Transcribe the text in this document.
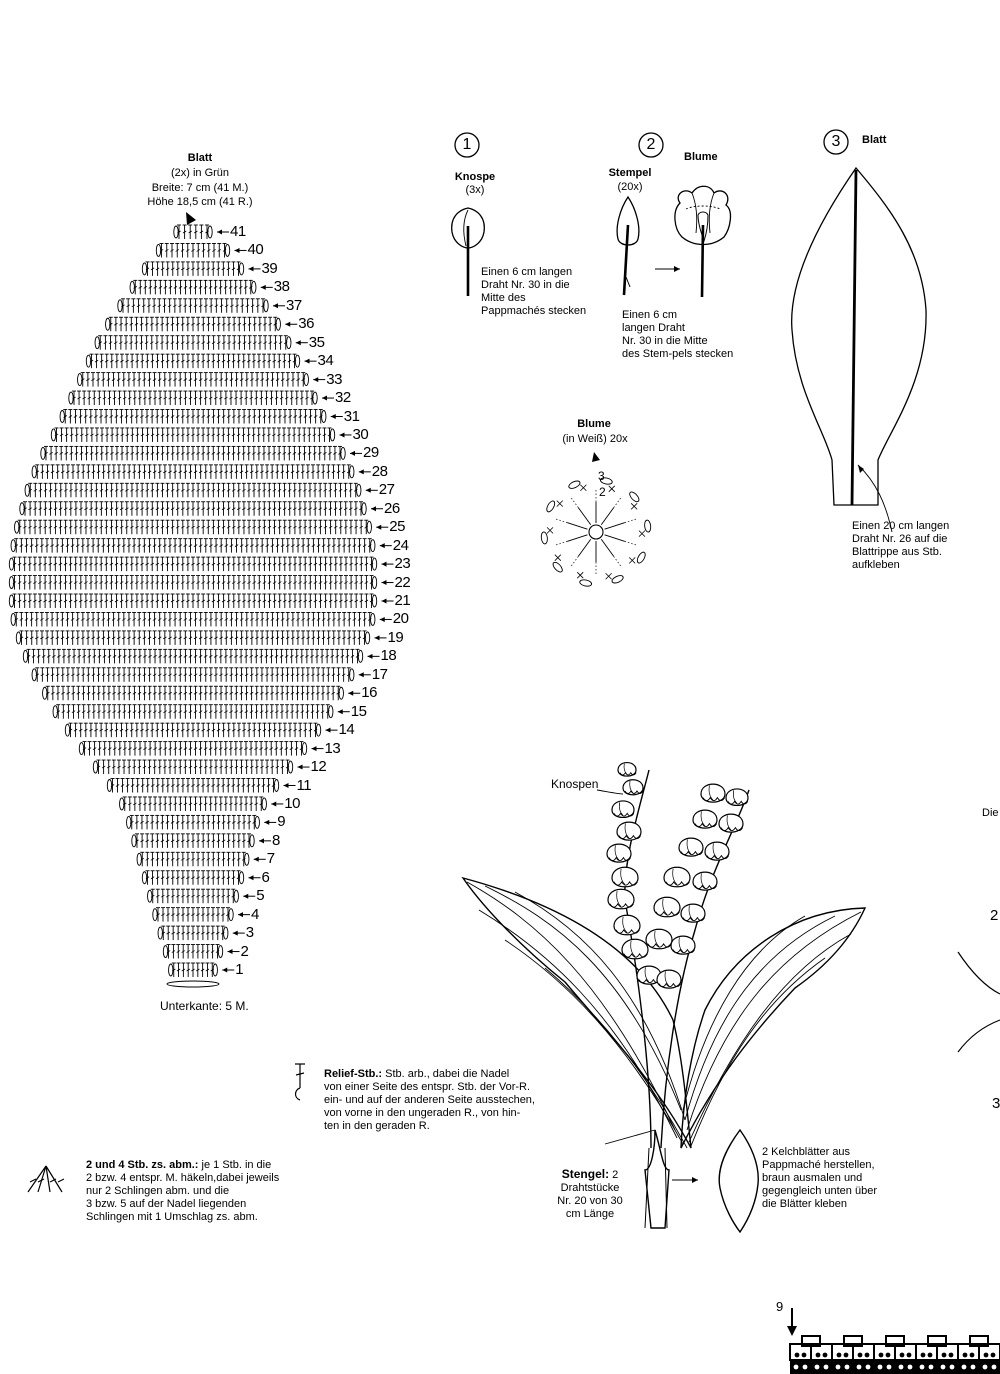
Blatt
(2x) in Grün
Breite: 7 cm (41 M.)
Höhe 18,5 cm (41 R.)
1
2
3
4
5
6
7
8
9
10
11
12
13
14
15
16
17
18
19
20
21
22
23
24
25
26
27
28
29
30
31
32
33
34
35
36
37
38
39
40
41
Unterkante: 5 M.
1
Knospe
(3x)
Einen 6 cm langen
Draht Nr. 30 in die
Mitte des
Pappmachés stecken
2
Stempel
(20x)
Blume
Einen 6 cm
langen Draht
Nr. 30 in die Mitte
des Stem-pels stecken
3	Blatt
Einen 20 cm langen
Draht Nr. 26 auf die
Blattrippe aus Stb.
aufkleben
Blume
(in Weiß) 20x
3
2
Knospen

Stengel: 2
Drahtstücke
Nr. 20 von 30
cm Länge

2 Kelchblätter aus
Pappmaché herstellen,
braun ausmalen und
gegengleich unten über
die Blätter kleben

Relief-Stb.: Stb. arb., dabei die Nadel
von einer Seite des entspr. Stb. der Vor-R.
ein- und auf der anderen Seite ausstechen,
von vorne in den ungeraden R., von hin-
ten in den geraden R.

2 und 4 Stb. zs. abm.: je 1 Stb. in die
2 bzw. 4 entspr. M. häkeln,dabei jeweils
nur 2 Schlingen abm. und die
3 bzw. 5 auf der Nadel liegenden
Schlingen mit 1 Umschlag zs. abm.

Die
2
3
9
